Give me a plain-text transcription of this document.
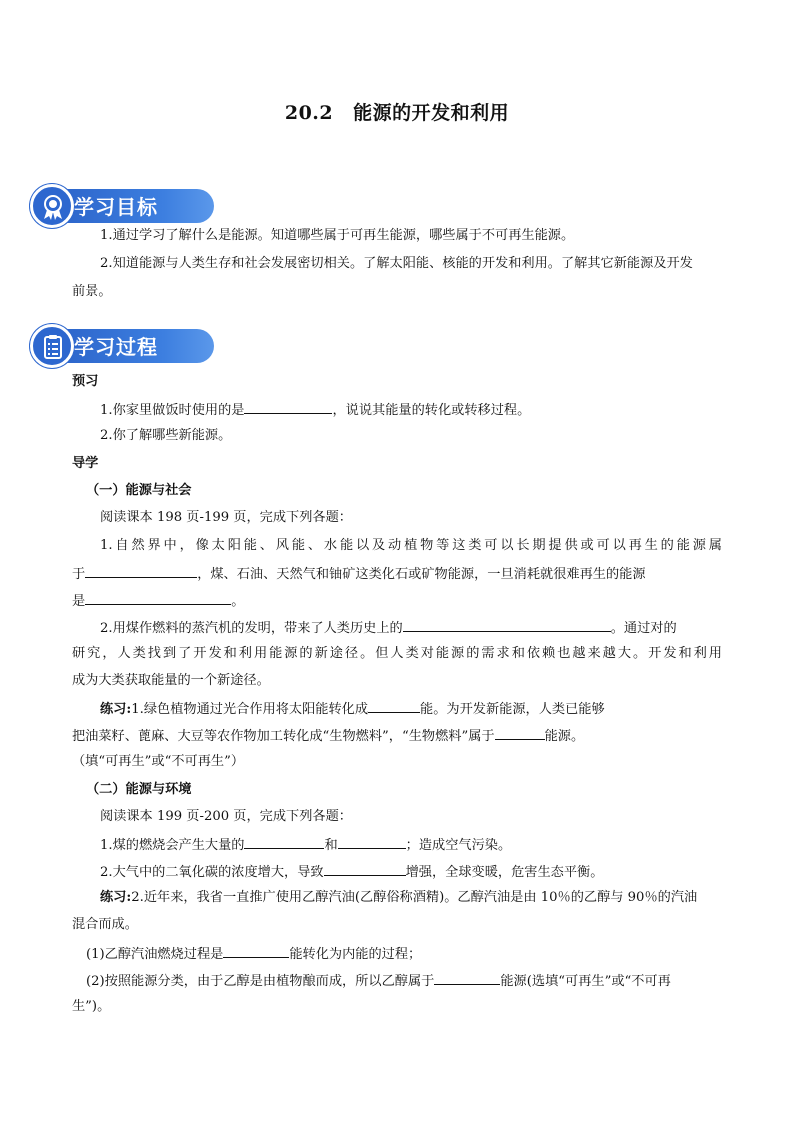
20.2 能源的开发和利用
学习目标
1.通过学习了解什么是能源。知道哪些属于可再生能源，哪些属于不可再生能源。
2.知道能源与人类生存和社会发展密切相关。了解太阳能、核能的开发和利用。了解其它新能源及开发
前景。
学习过程
预习
1.你家里做饭时使用的是	，说说其能量的转化或转移过程。
2.你了解哪些新能源。
导学
（一）能源与社会
阅读课本 198 页-199 页，完成下列各题：
1.自然界中，像太阳能、风能、水能以及动植物等这类可以长期提供或可以再生的能源属
于	，煤、石油、天然气和铀矿这类化石或矿物能源，一旦消耗就很难再生的能源
是	。
2.用煤作燃料的蒸汽机的发明，带来了人类历史上的	。通过对的
研究，人类找到了开发和利用能源的新途径。但人类对能源的需求和依赖也越来越大。开发和利用
成为大类获取能量的一个新途径。
练习:1.绿色植物通过光合作用将太阳能转化成	能。为开发新能源，人类已能够
把油菜籽、蓖麻、大豆等农作物加工转化成“生物燃料”，“生物燃料”属于	能源。
（填“可再生”或“不可再生”）
（二）能源与环境
阅读课本 199 页-200 页，完成下列各题：
1.煤的燃烧会产生大量的	和	；造成空气污染。
2.大气中的二氧化碳的浓度增大，导致	增强，全球变暖，危害生态平衡。
练习:2.近年来，我省一直推广使用乙醇汽油(乙醇俗称酒精)。乙醇汽油是由 10％的乙醇与 90％的汽油
混合而成。
(1)乙醇汽油燃烧过程是	能转化为内能的过程；
(2)按照能源分类，由于乙醇是由植物酿而成，所以乙醇属于	能源(选填“可再生”或“不可再
生”)。
